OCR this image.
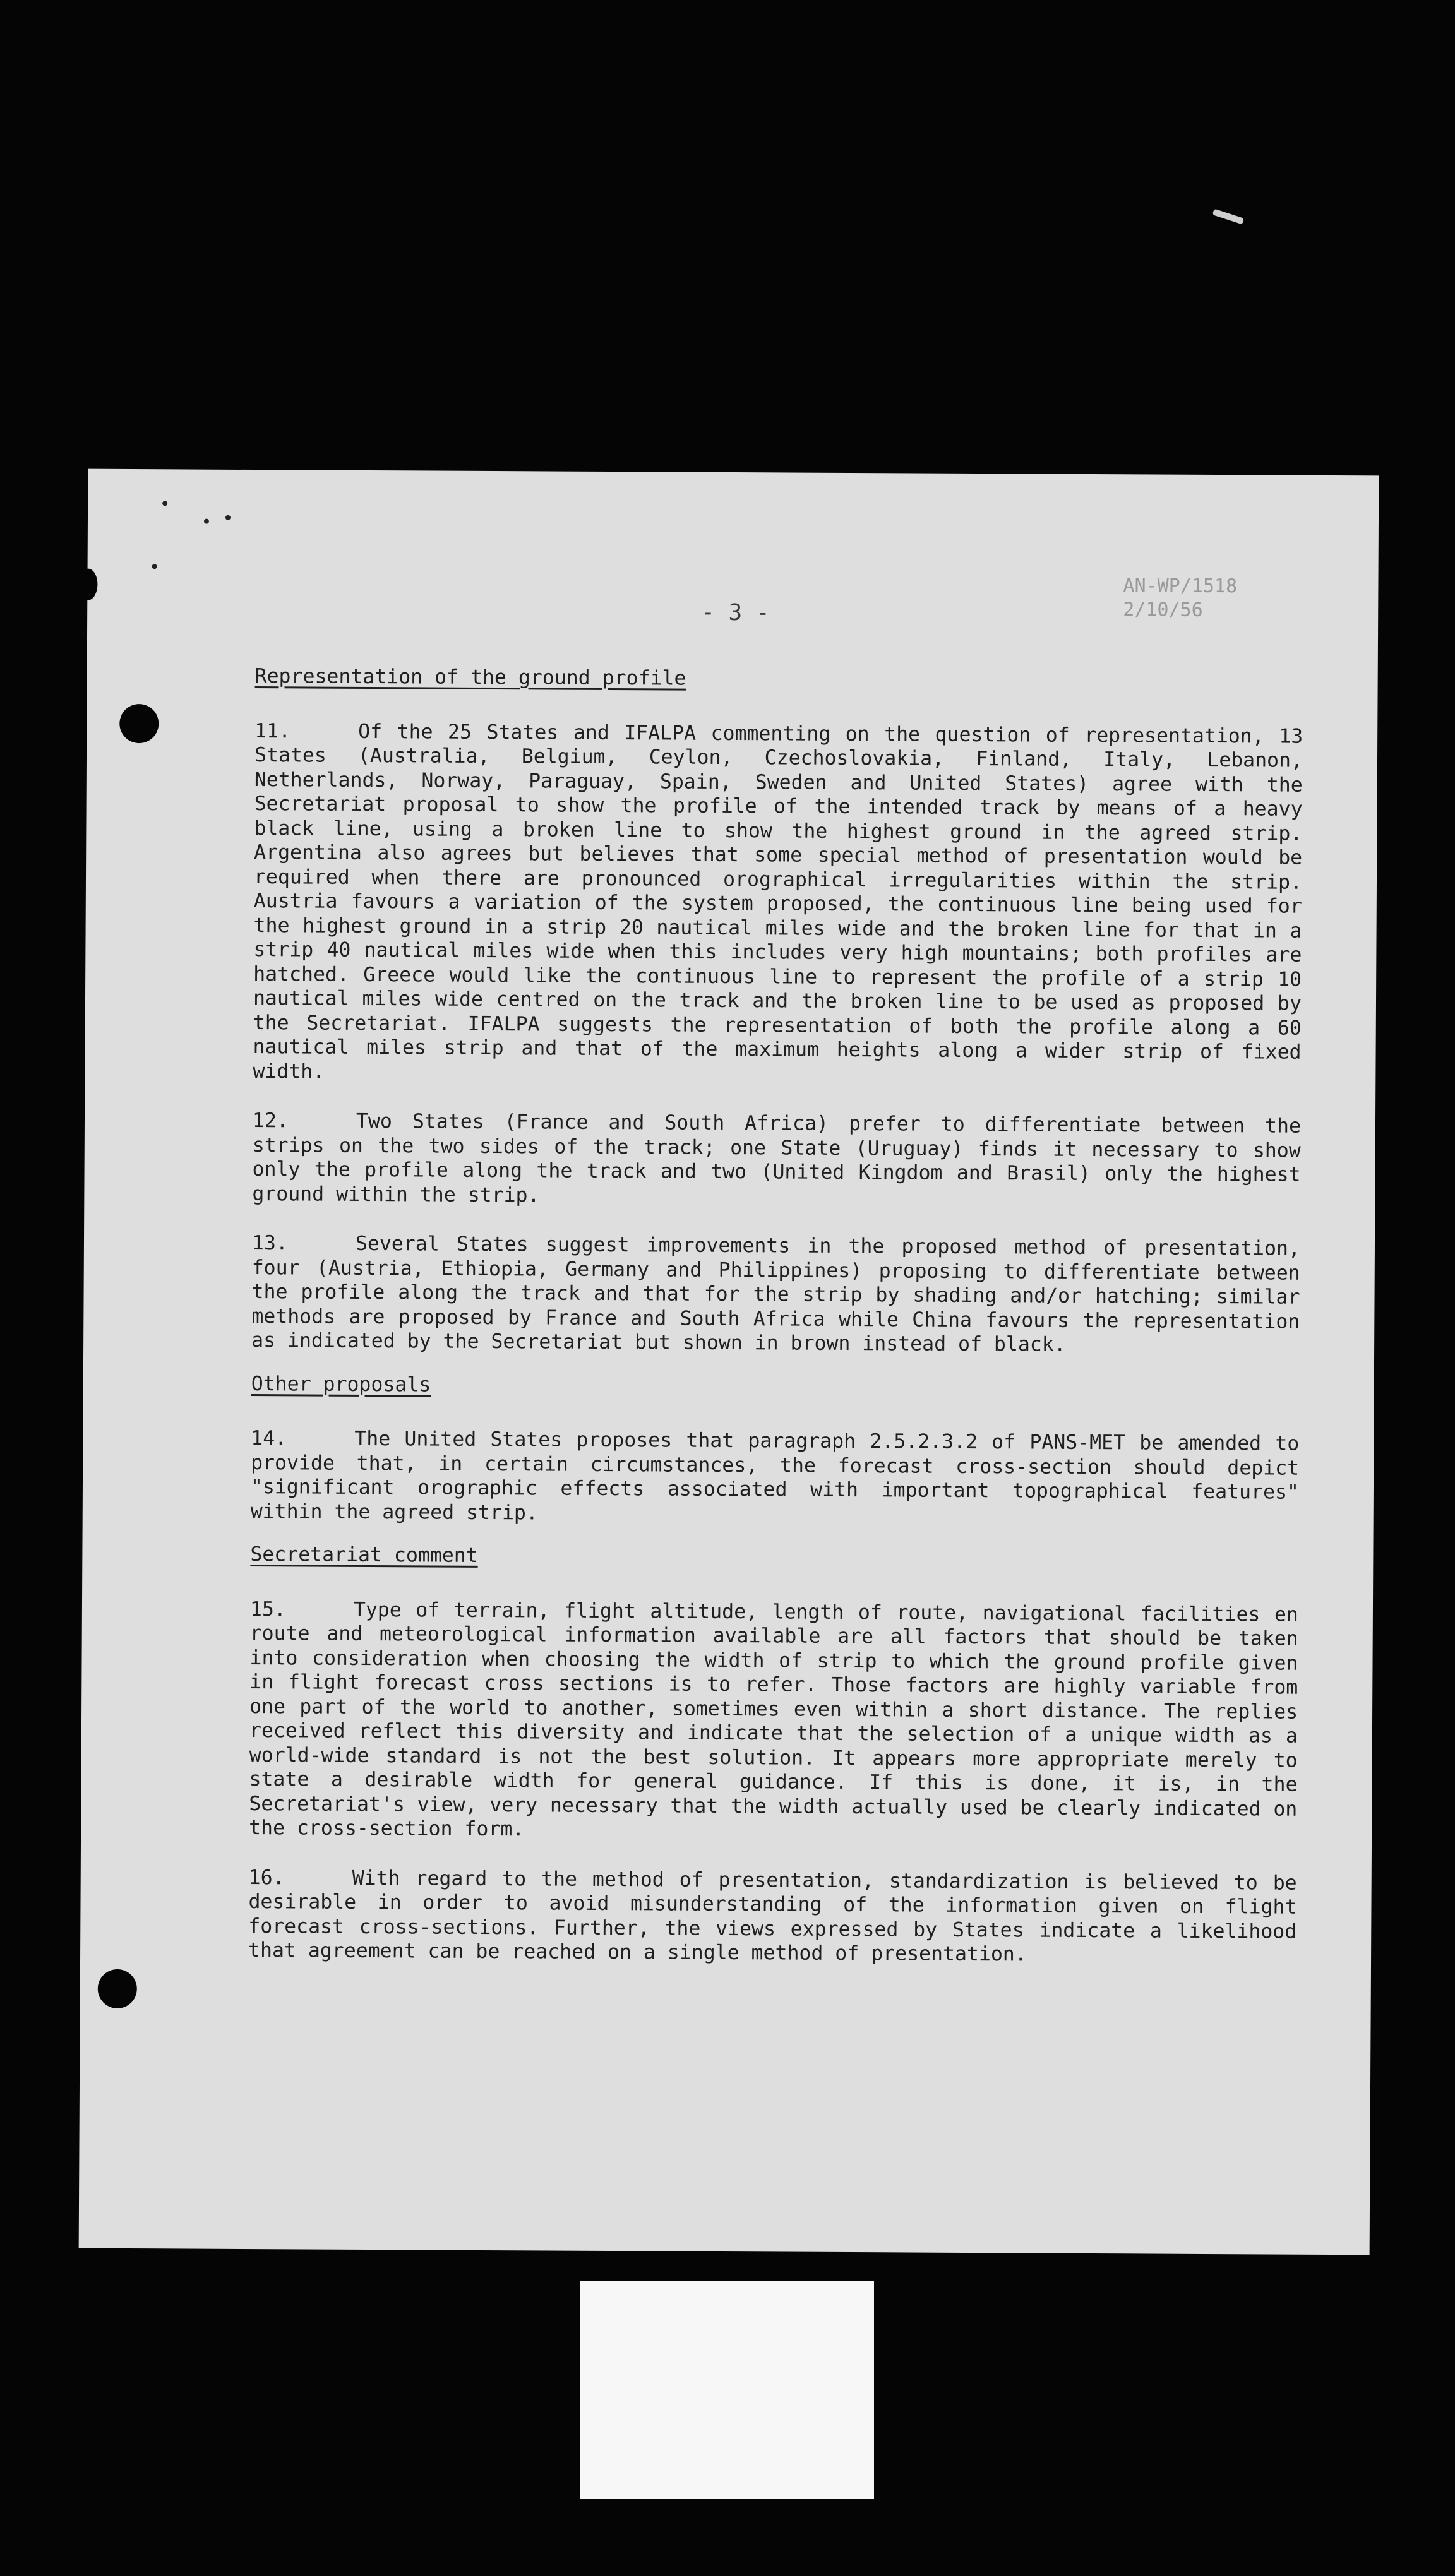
- 3 -
AN-WP/1518
2/10/56
Representation of the ground profile
11.	Of the 25 States and IFALPA commenting on the question of representation, 13 States (Australia, Belgium, Ceylon, Czechoslovakia, Finland, Italy, Lebanon, Netherlands, Norway, Paraguay, Spain, Sweden and United States) agree with the Secretariat proposal to show the profile of the intended track by means of a heavy black line, using a broken line to show the highest ground in the agreed strip. Argentina also agrees but believes that some special method of presentation would be required when there are pronounced orographical irregularities within the strip. Austria favours a variation of the system proposed, the continuous line being used for the highest ground in a strip 20 nautical miles wide and the broken line for that in a strip 40 nautical miles wide when this includes very high mountains; both profiles are hatched. Greece would like the continuous line to represent the profile of a strip 10 nautical miles wide centred on the track and the broken line to be used as proposed by the Secretariat. IFALPA suggests the representation of both the profile along a 60 nautical miles strip and that of the maximum heights along a wider strip of fixed width.
12.	Two States (France and South Africa) prefer to differentiate between the strips on the two sides of the track; one State (Uruguay) finds it necessary to show only the profile along the track and two (United Kingdom and Brasil) only the highest ground within the strip.
13.	Several States suggest improvements in the proposed method of presentation, four (Austria, Ethiopia, Germany and Philippines) proposing to differentiate between the profile along the track and that for the strip by shading and/or hatching; similar methods are proposed by France and South Africa while China favours the representation as indicated by the Secretariat but shown in brown instead of black.
Other proposals
14.	The United States proposes that paragraph 2.5.2.3.2 of PANS-MET be amended to provide that, in certain circumstances, the forecast cross-section should depict "significant orographic effects associated with important topographical features" within the agreed strip.
Secretariat comment
15.	Type of terrain, flight altitude, length of route, navigational facilities en route and meteorological information available are all factors that should be taken into consideration when choosing the width of strip to which the ground profile given in flight forecast cross sections is to refer. Those factors are highly variable from one part of the world to another, sometimes even within a short distance. The replies received reflect this diversity and indicate that the selection of a unique width as a world-wide standard is not the best solution. It appears more appropriate merely to state a desirable width for general guidance. If this is done, it is, in the Secretariat's view, very necessary that the width actually used be clearly indicated on the cross-section form.
16.	With regard to the method of presentation, standardization is believed to be desirable in order to avoid misunderstanding of the information given on flight forecast cross-sections. Further, the views expressed by States indicate a likelihood that agreement can be reached on a single method of presentation.
